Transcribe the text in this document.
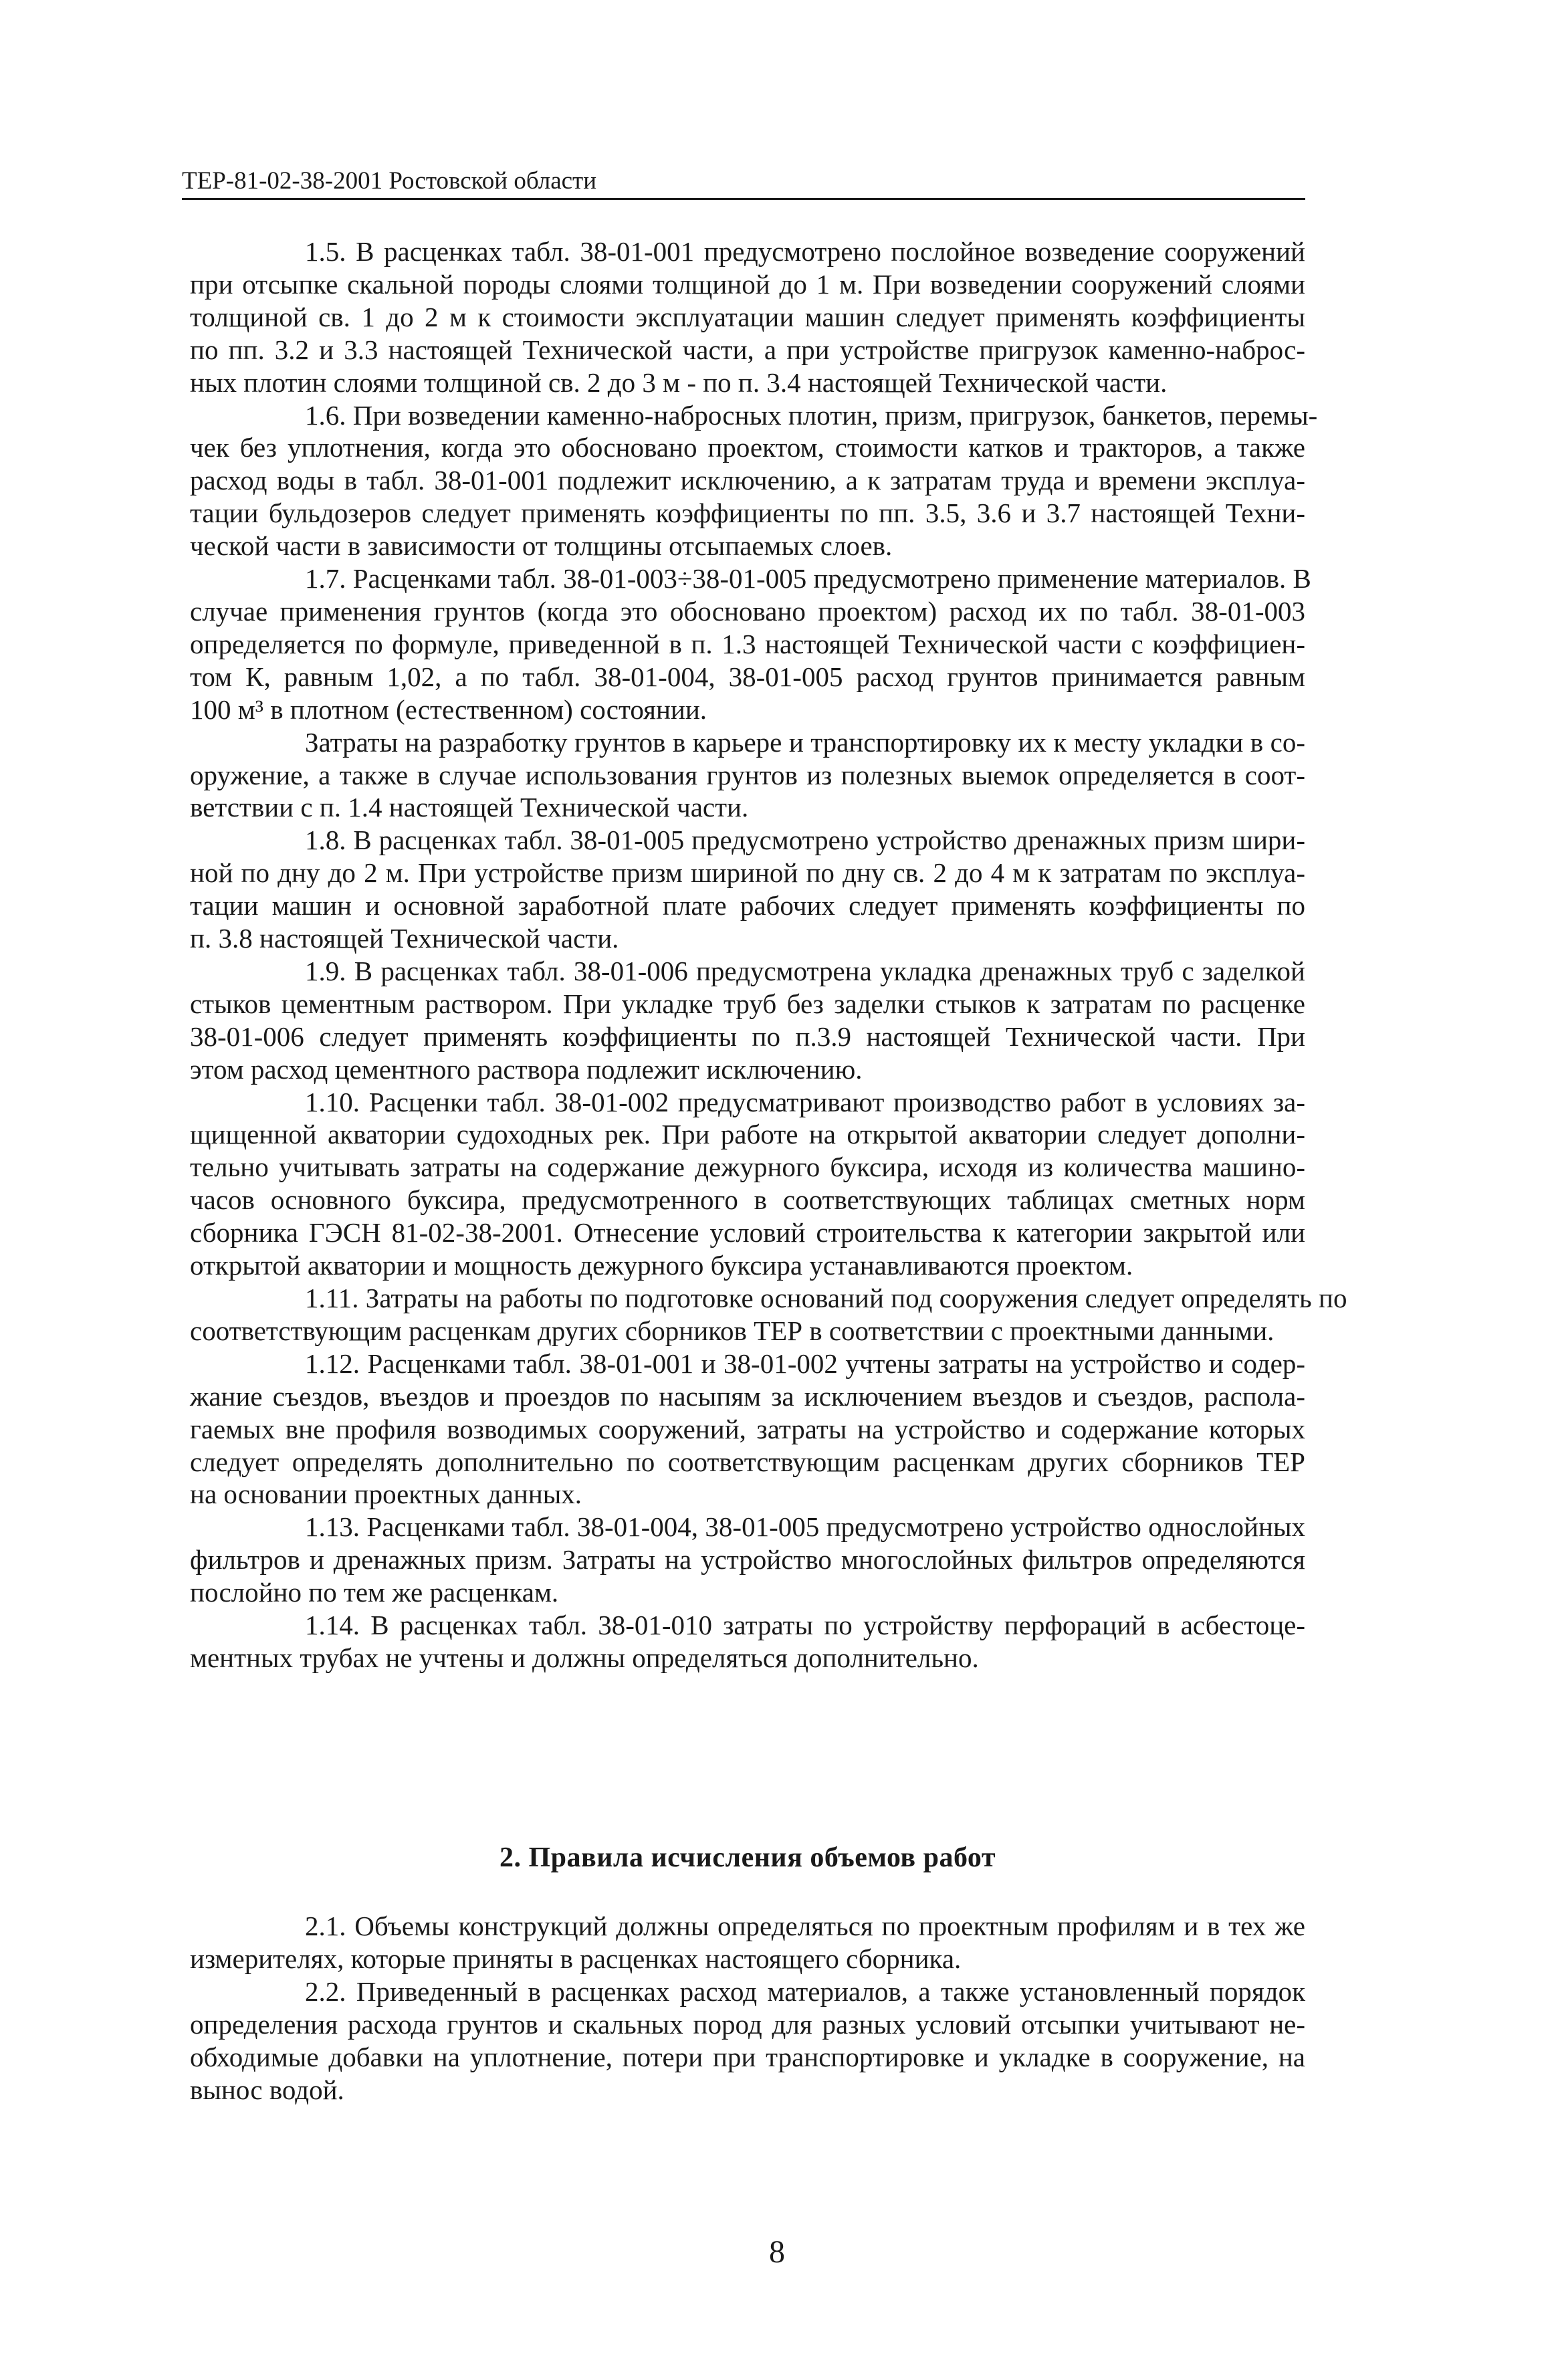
ТЕР-81-02-38-2001 Ростовской области

1.5. В расценках табл. 38-01-001 предусмотрено послойное возведение сооружений
при отсыпке скальной породы слоями толщиной до 1 м. При возведении сооружений слоями
толщиной св. 1 до 2 м к стоимости эксплуатации машин следует применять коэффициенты
по пп. 3.2 и 3.3 настоящей Технической части, а при устройстве пригрузок каменно-наброс-
ных плотин слоями толщиной св. 2 до 3 м - по п. 3.4 настоящей Технической части.

1.6. При возведении каменно-набросных плотин, призм, пригрузок, банкетов, перемы-
чек без уплотнения, когда это обосновано проектом, стоимости катков и тракторов, а также
расход воды в табл. 38-01-001 подлежит исключению, а к затратам труда и времени эксплуа-
тации бульдозеров следует применять коэффициенты по пп. 3.5, 3.6 и 3.7 настоящей Техни-
ческой части в зависимости от толщины отсыпаемых слоев.

1.7. Расценками табл. 38-01-003÷38-01-005 предусмотрено применение материалов. В
случае применения грунтов (когда это обосновано проектом) расход их по табл. 38-01-003
определяется по формуле, приведенной в п. 1.3 настоящей Технической части с коэффициен-
том К, равным 1,02, а по табл. 38-01-004, 38-01-005 расход грунтов принимается равным
100 м³ в плотном (естественном) состоянии.

Затраты на разработку грунтов в карьере и транспортировку их к месту укладки в со-
оружение, а также в случае использования грунтов из полезных выемок определяется в соот-
ветствии с п. 1.4 настоящей Технической части.

1.8. В расценках табл. 38-01-005 предусмотрено устройство дренажных призм шири-
ной по дну до 2 м. При устройстве призм шириной по дну св. 2 до 4 м к затратам по эксплуа-
тации машин и основной заработной плате рабочих следует применять коэффициенты по
п. 3.8 настоящей Технической части.

1.9. В расценках табл. 38-01-006 предусмотрена укладка дренажных труб с заделкой
стыков цементным раствором. При укладке труб без заделки стыков к затратам по расценке
38-01-006 следует применять коэффициенты по п.3.9 настоящей Технической части. При
этом расход цементного раствора подлежит исключению.

1.10. Расценки табл. 38-01-002 предусматривают производство работ в условиях за-
щищенной акватории судоходных рек. При работе на открытой акватории следует дополни-
тельно учитывать затраты на содержание дежурного буксира, исходя из количества машино-
часов основного буксира, предусмотренного в соответствующих таблицах сметных норм
сборника ГЭСН 81-02-38-2001. Отнесение условий строительства к категории закрытой или
открытой акватории и мощность дежурного буксира устанавливаются проектом.

1.11. Затраты на работы по подготовке оснований под сооружения следует определять по
соответствующим расценкам других сборников ТЕР в соответствии с проектными данными.

1.12. Расценками табл. 38-01-001 и 38-01-002 учтены затраты на устройство и содер-
жание съездов, въездов и проездов по насыпям за исключением въездов и съездов, распола-
гаемых вне профиля возводимых сооружений, затраты на устройство и содержание которых
следует определять дополнительно по соответствующим расценкам других сборников ТЕР
на основании проектных данных.

1.13. Расценками табл. 38-01-004, 38-01-005 предусмотрено устройство однослойных
фильтров и дренажных призм. Затраты на устройство многослойных фильтров определяются
послойно по тем же расценкам.

1.14. В расценках табл. 38-01-010 затраты по устройству перфораций в асбестоце-
ментных трубах не учтены и должны определяться дополнительно.

2. Правила исчисления объемов работ

2.1. Объемы конструкций должны определяться по проектным профилям и в тех же
измерителях, которые приняты в расценках настоящего сборника.

2.2. Приведенный в расценках расход материалов, а также установленный порядок
определения расхода грунтов и скальных пород для разных условий отсыпки учитывают не-
обходимые добавки на уплотнение, потери при транспортировке и укладке в сооружение, на
вынос водой.

8
